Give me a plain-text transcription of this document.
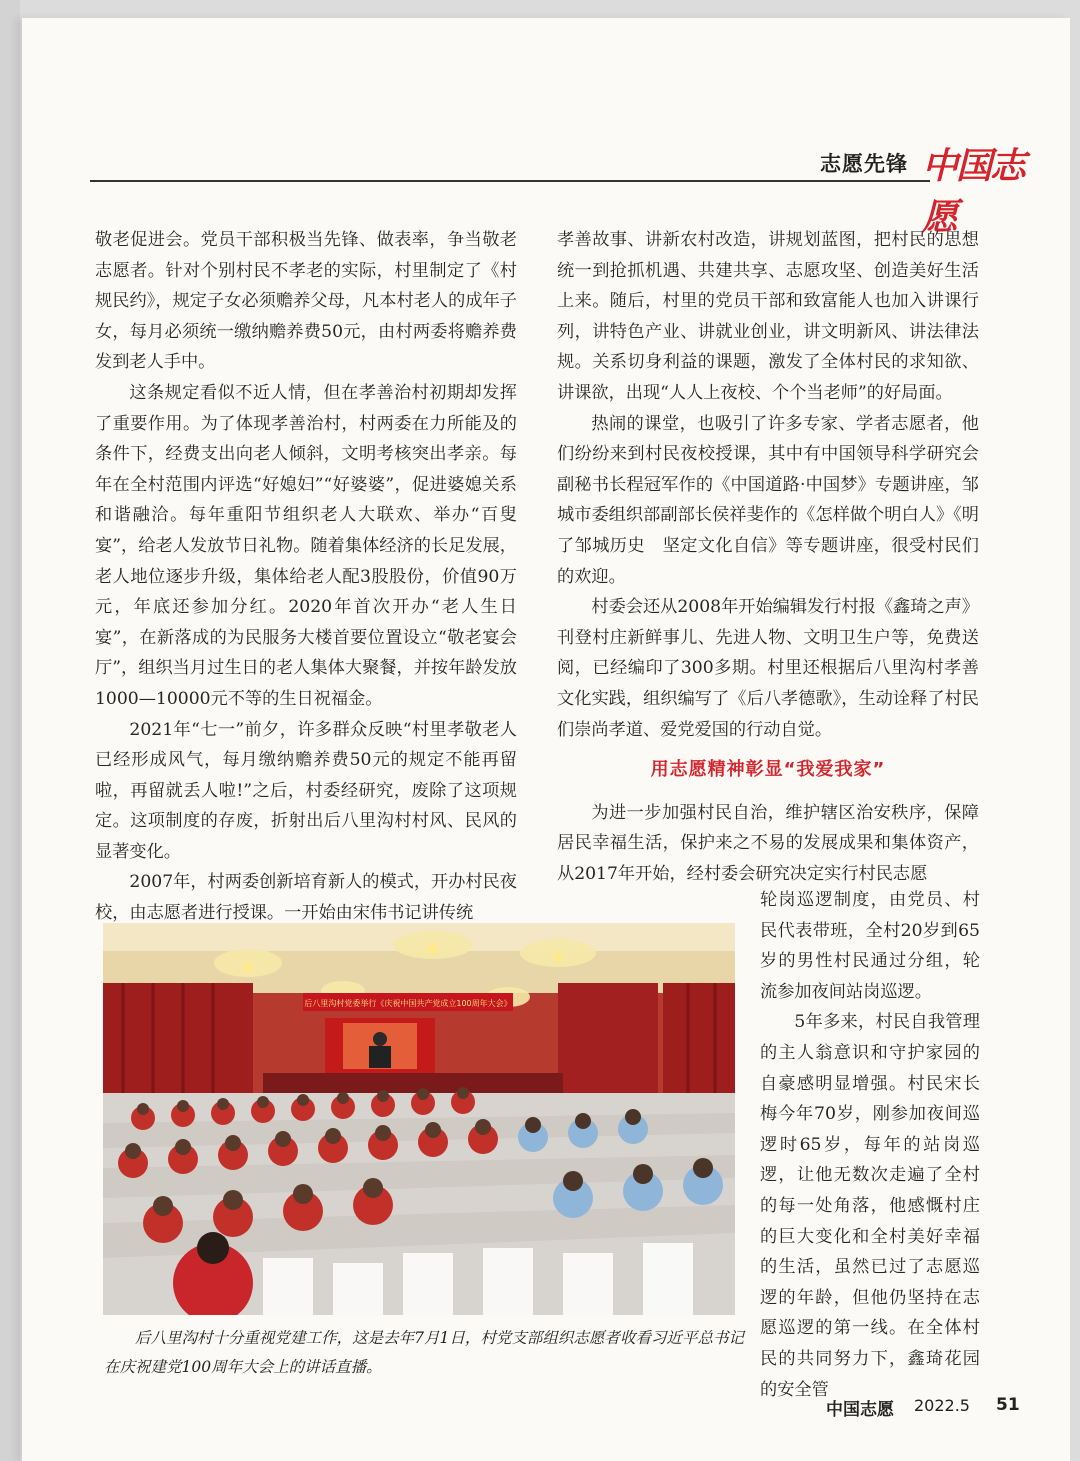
志愿先锋 中国志愿

敬老促进会。党员干部积极当先锋、做表率，争当敬老志愿者。针对个别村民不孝老的实际，村里制定了《村规民约》，规定子女必须赡养父母，凡本村老人的成年子女，每月必须统一缴纳赡养费50元，由村两委将赡养费发到老人手中。

这条规定看似不近人情，但在孝善治村初期却发挥了重要作用。为了体现孝善治村，村两委在力所能及的条件下，经费支出向老人倾斜，文明考核突出孝亲。每年在全村范围内评选“好媳妇”“好婆婆”，促进婆媳关系和谐融洽。每年重阳节组织老人大联欢、举办“百叟宴”，给老人发放节日礼物。随着集体经济的长足发展，老人地位逐步升级，集体给老人配3股股份，价值90万元，年底还参加分红。2020年首次开办“老人生日宴”，在新落成的为民服务大楼首要位置设立“敬老宴会厅”，组织当月过生日的老人集体大聚餐，并按年龄发放1000—10000元不等的生日祝福金。

2021年“七一”前夕，许多群众反映“村里孝敬老人已经形成风气，每月缴纳赡养费50元的规定不能再留啦，再留就丢人啦!”之后，村委经研究，废除了这项规定。这项制度的存废，折射出后八里沟村村风、民风的显著变化。

2007年，村两委创新培育新人的模式，开办村民夜校，由志愿者进行授课。一开始由宋伟书记讲传统

孝善故事、讲新农村改造，讲规划蓝图，把村民的思想统一到抢抓机遇、共建共享、志愿攻坚、创造美好生活上来。随后，村里的党员干部和致富能人也加入讲课行列，讲特色产业、讲就业创业，讲文明新风、讲法律法规。关系切身利益的课题，激发了全体村民的求知欲、讲课欲，出现“人人上夜校、个个当老师”的好局面。

热闹的课堂，也吸引了许多专家、学者志愿者，他们纷纷来到村民夜校授课，其中有中国领导科学研究会副秘书长程冠军作的《中国道路·中国梦》专题讲座，邹城市委组织部副部长侯祥斐作的《怎样做个明白人》《明了邹城历史　坚定文化自信》等专题讲座，很受村民们的欢迎。

村委会还从2008年开始编辑发行村报《鑫琦之声》刊登村庄新鲜事儿、先进人物、文明卫生户等，免费送阅，已经编印了300多期。村里还根据后八里沟村孝善文化实践，组织编写了《后八孝德歌》，生动诠释了村民们崇尚孝道、爱党爱国的行动自觉。

用志愿精神彰显“我爱我家”

为进一步加强村民自治，维护辖区治安秩序，保障居民幸福生活，保护来之不易的发展成果和集体资产，从2017年开始，经村委会研究决定实行村民志愿

轮岗巡逻制度，由党员、村民代表带班，全村20岁到65岁的男性村民通过分组，轮流参加夜间站岗巡逻。

5年多来，村民自我管理的主人翁意识和守护家园的自豪感明显增强。村民宋长梅今年70岁，刚参加夜间巡逻时65岁，每年的站岗巡逻，让他无数次走遍了全村的每一处角落，他感慨村庄的巨大变化和全村美好幸福的生活，虽然已过了志愿巡逻的年龄，但他仍坚持在志愿巡逻的第一线。在全体村民的共同努力下，鑫琦花园的安全管

后八里沟村党委举行《庆祝中国共产党成立100周年大会》
后八里沟村十分重视党建工作，这是去年7月1日，村党支部组织志愿者收看习近平总书记在庆祝建党100周年大会上的讲话直播。
中国志愿 2022.5 51
